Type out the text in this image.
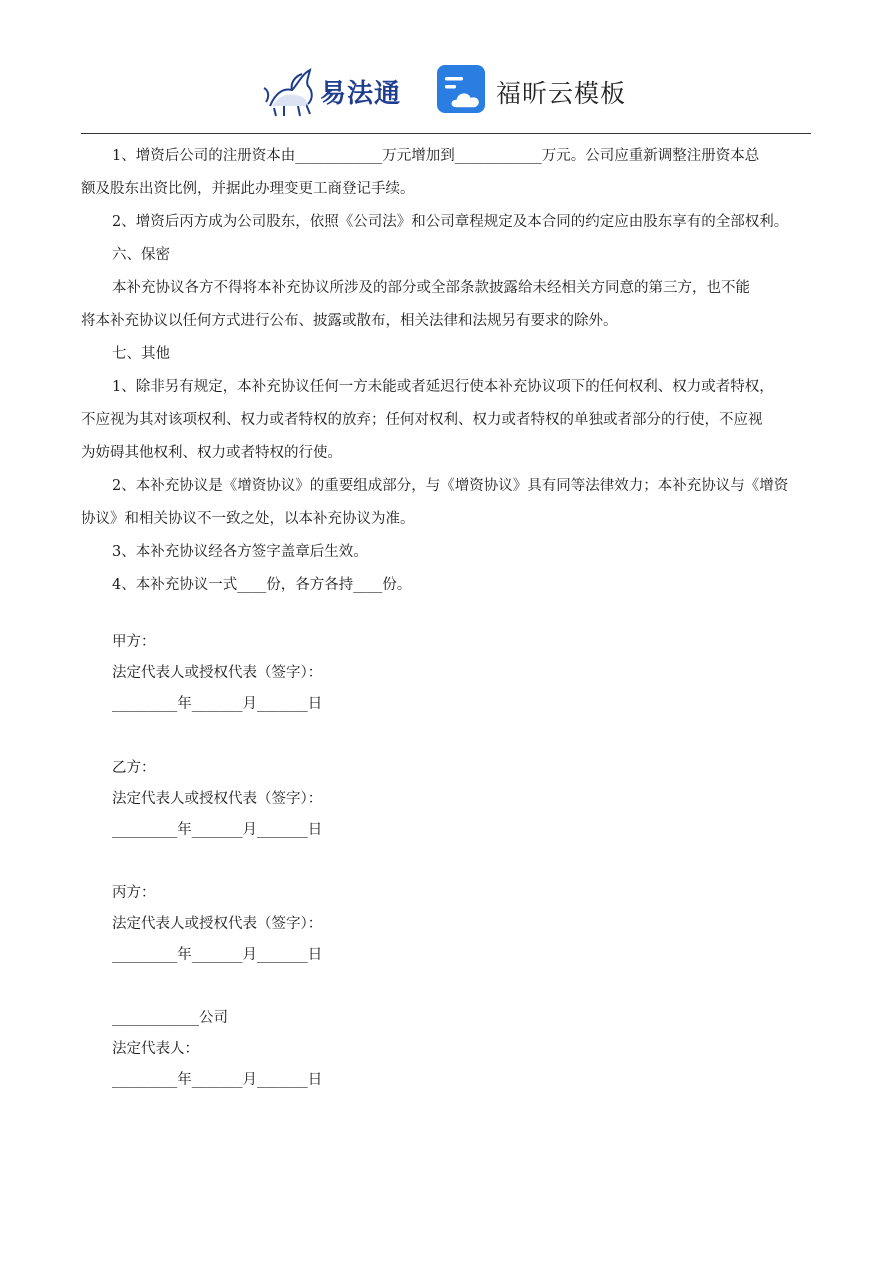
易法通	福昕云模板
1、增资后公司的注册资本由____________万元增加到____________万元。公司应重新调整注册资本总
额及股东出资比例，并据此办理变更工商登记手续。
2、增资后丙方成为公司股东，依照《公司法》和公司章程规定及本合同的约定应由股东享有的全部权利。
六、保密
本补充协议各方不得将本补充协议所涉及的部分或全部条款披露给未经相关方同意的第三方，也不能
将本补充协议以任何方式进行公布、披露或散布，相关法律和法规另有要求的除外。
七、其他
1、除非另有规定，本补充协议任何一方未能或者延迟行使本补充协议项下的任何权利、权力或者特权，
不应视为其对该项权利、权力或者特权的放弃；任何对权利、权力或者特权的单独或者部分的行使，不应视
为妨碍其他权利、权力或者特权的行使。
2、本补充协议是《增资协议》的重要组成部分，与《增资协议》具有同等法律效力；本补充协议与《增资
协议》和相关协议不一致之处，以本补充协议为准。
3、本补充协议经各方签字盖章后生效。
4、本补充协议一式____份，各方各持____份。
甲方：
法定代表人或授权代表（签字）：
_________年_______月_______日
乙方：
法定代表人或授权代表（签字）：
_________年_______月_______日
丙方：
法定代表人或授权代表（签字）：
_________年_______月_______日
____________公司
法定代表人：
_________年_______月_______日
